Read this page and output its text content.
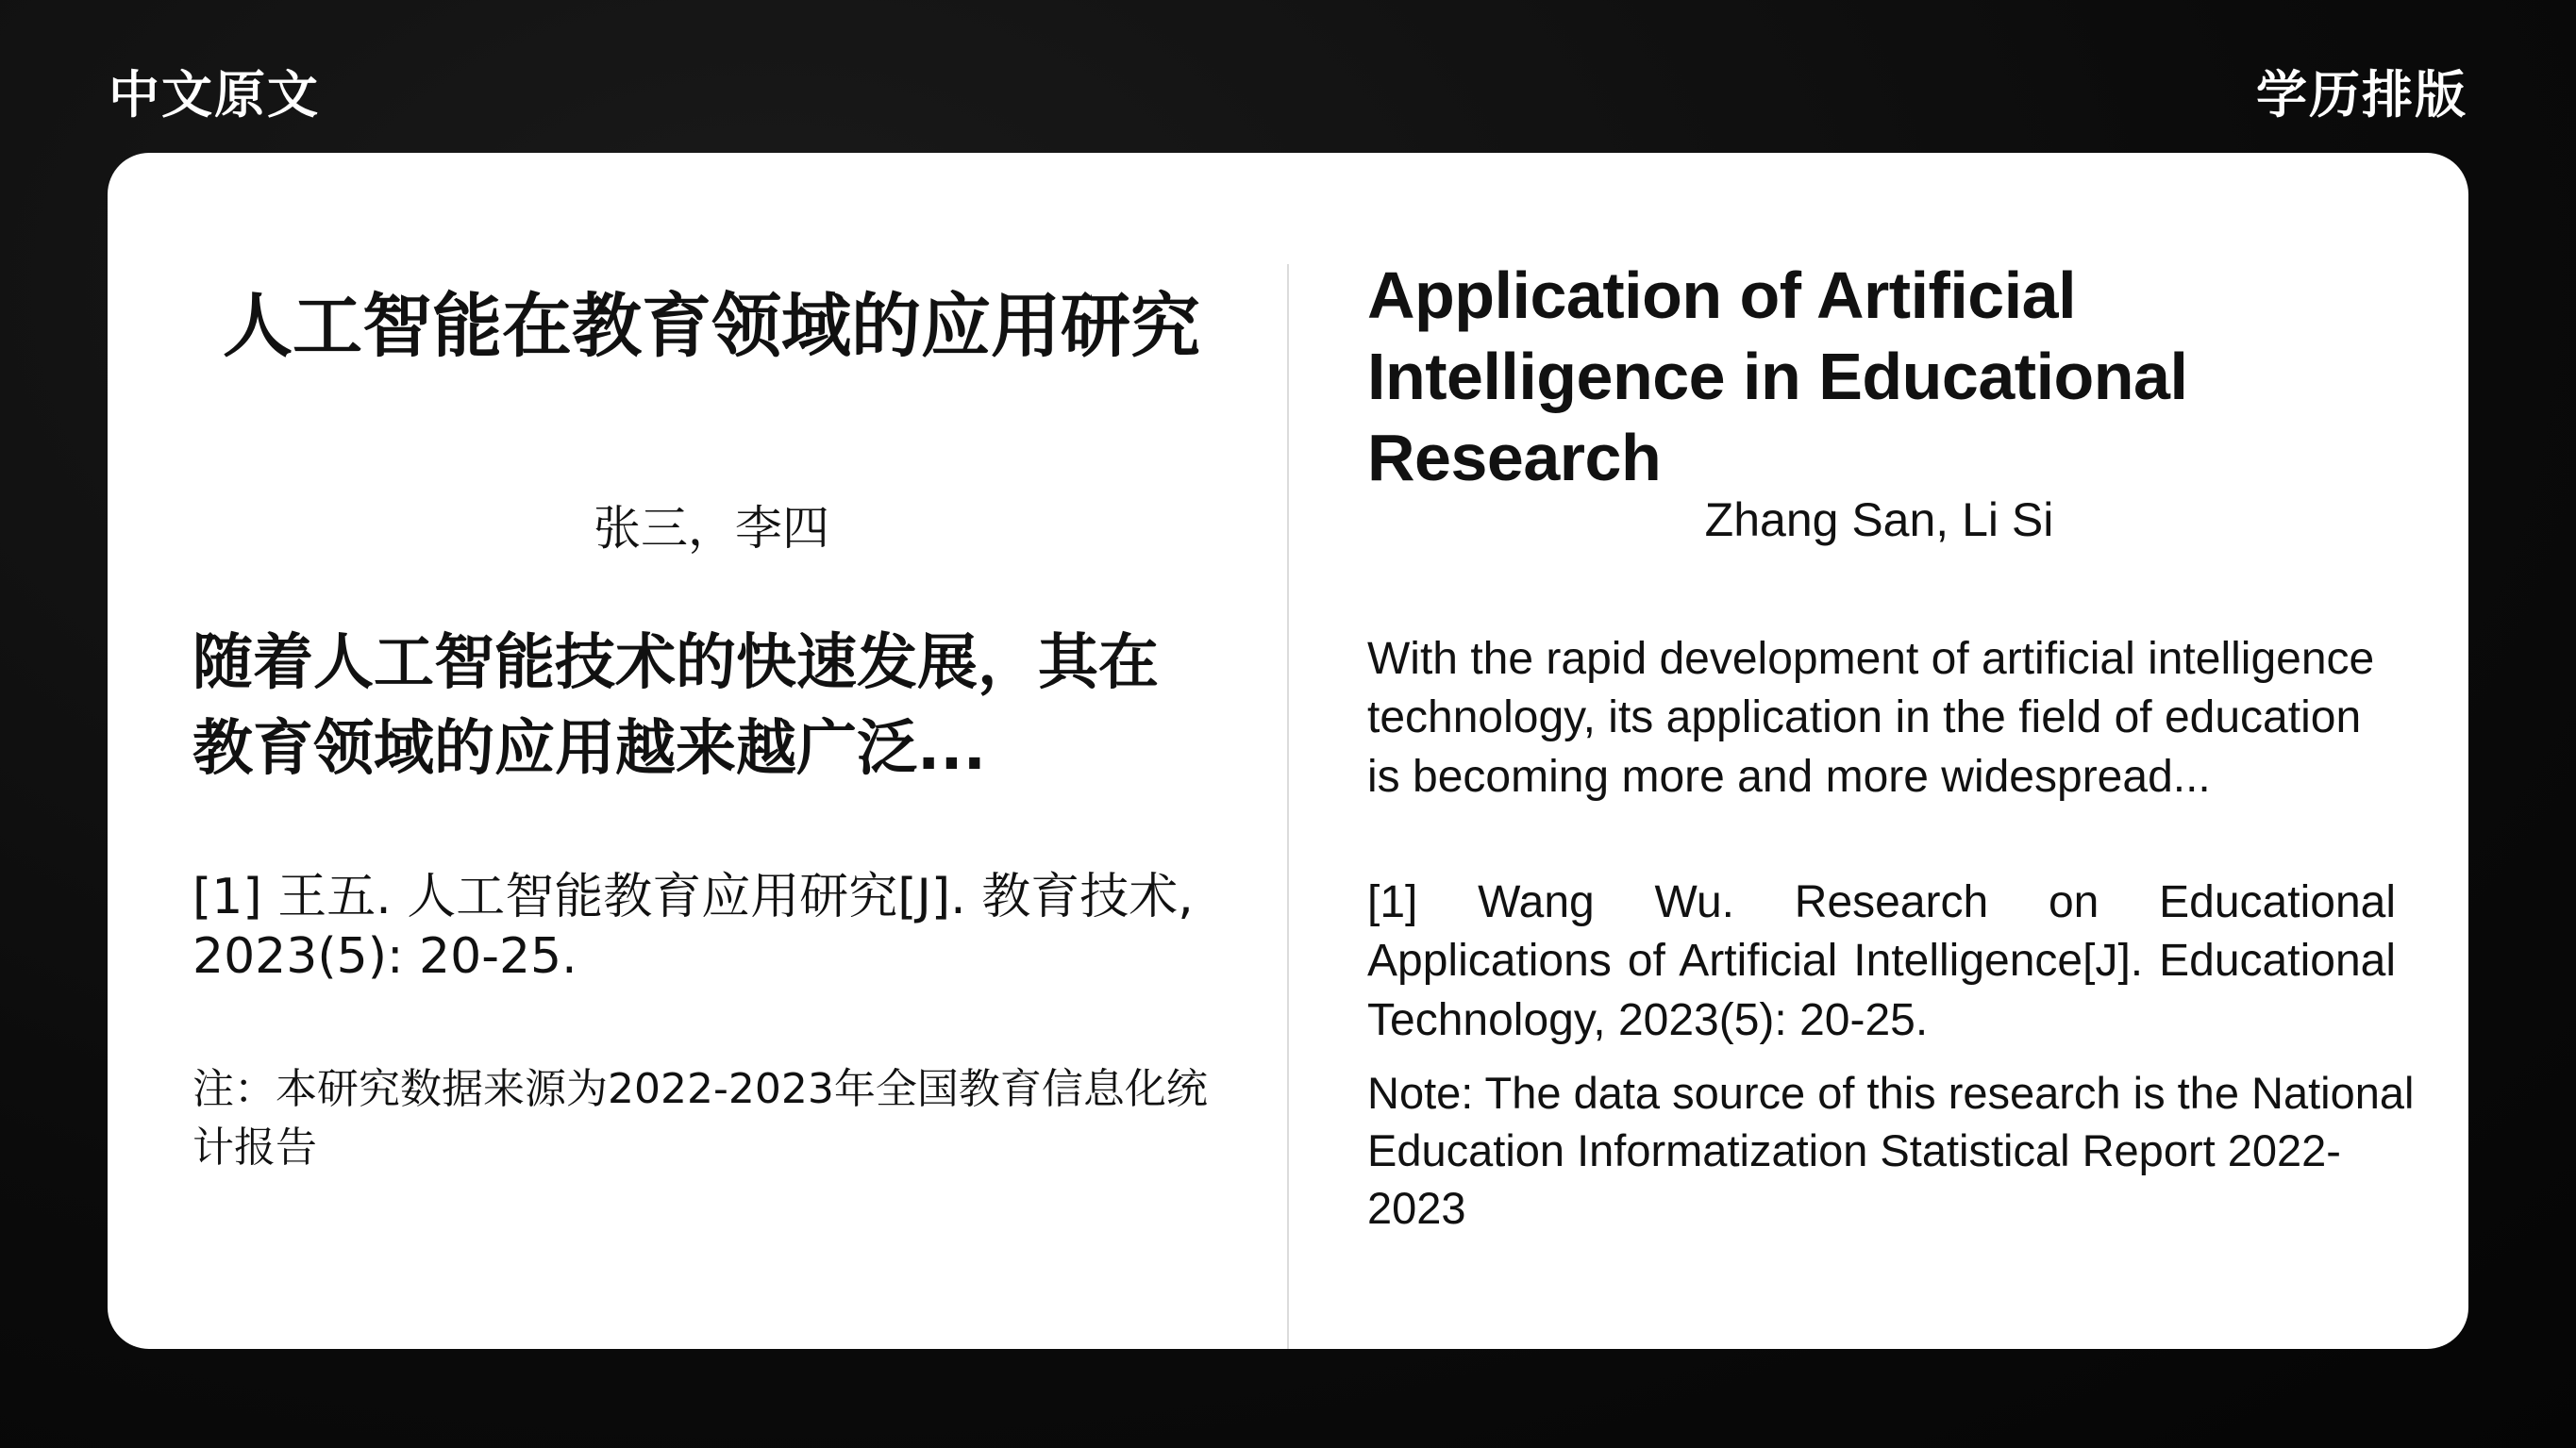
中文原文	学历排版
人工智能在教育领域的应用研究
张三，李四
随着人工智能技术的快速发展，其在教育领域的应用越来越广泛...
[1] 王五. 人工智能教育应用研究[J]. 教育技术, 2023(5): 20-25.
注：本研究数据来源为2022-2023年全国教育信息化统计报告
Application of Artificial Intelligence in Educational Research
Zhang San, Li Si
With the rapid development of artificial intelligence technology, its application in the field of education is becoming more and more widespread...
[1] Wang Wu. Research on Educational Applications of Artificial Intelligence[J]. Educational Technology, 2023(5): 20-25.
Note: The data source of this research is the National Education Informatization Statistical Report 2022-2023
